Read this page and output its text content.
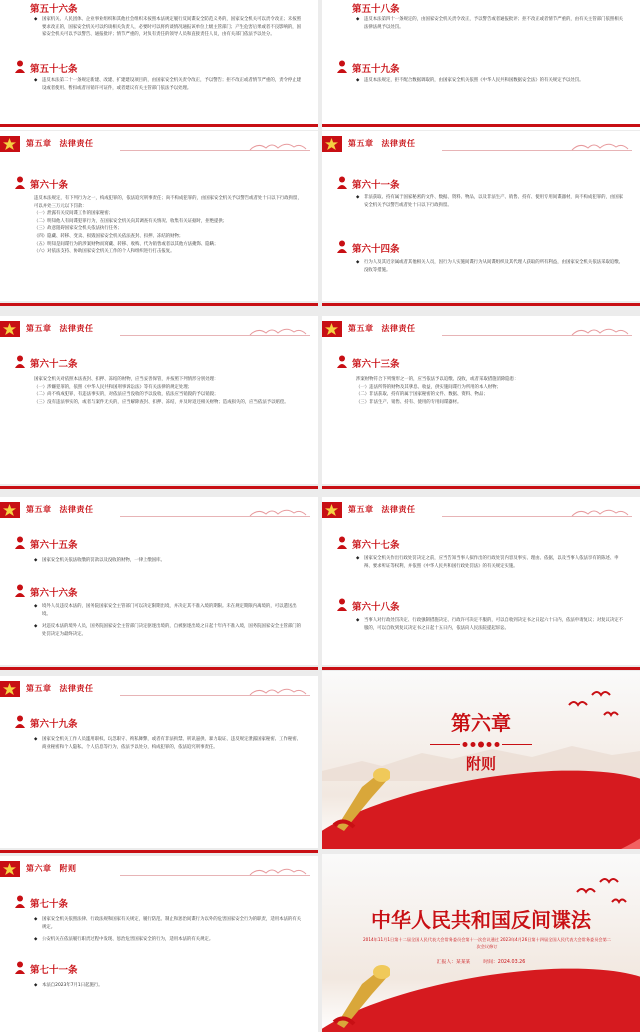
第五十六条

◆ 国家机关、人民团体、企业事业组织和其他社会组织未按照本法规定履行反间谍安全防范义务的，国家安全机关可以责令改正；未按照要求改正的，国家安全机关可以约谈相关负责人，必要时可以将约谈情况通报该单位上级主管部门；产生危害后果或者不良影响的，国家安全机关可以予以警告、通报批评；情节严重的，对负有责任的领导人员和直接责任人员，由有关部门依法予以处分。

第五十七条

◆ 违反本法第二十一条规定新建、改建、扩建建设项目的，由国家安全机关责令改正，予以警告；拒不改正或者情节严重的，责令停止建设或者使用、暂扣或者吊销许可证件，或者建议有关主管部门依法予以处理。

第五十八条

◆ 违反本法第四十一条规定的，由国家安全机关责令改正，予以警告或者通报批评；拒不改正或者情节严重的，由有关主管部门依照相关法律法规予以处罚。

第五十九条

◆ 违反本法规定，拒不配合数据调取的，由国家安全机关依照《中华人民共和国数据安全法》的有关规定予以处罚。

第五章 法律责任
第六十条

违反本法规定，有下列行为之一，构成犯罪的，依法追究刑事责任；尚不构成犯罪的，由国家安全机关予以警告或者处十日以下行政拘留，可以并处三万元以下罚款：

（一）泄露有关反间谍工作的国家秘密；

（二）明知他人有间谍犯罪行为，在国家安全机关向其调查有关情况、收集有关证据时，拒绝提供；

（三）故意阻碍国家安全机关依法执行任务；

（四）隐藏、转移、变卖、损毁国家安全机关依法查封、扣押、冻结的财物；

（五）明知是间谍行为的涉案财物而窝藏、转移、收购、代为销售或者以其他方法掩饰、隐瞒；

（六）对依法支持、协助国家安全机关工作的个人和组织进行打击报复。

第五章 法律责任
第六十一条

◆ 非法获取、持有属于国家秘密的文件、数据、资料、物品，以及非法生产、销售、持有、使用专用间谍器材，尚不构成犯罪的，由国家安全机关予以警告或者处十日以下行政拘留。

第六十四条

◆ 行为人及其近亲属或者其他相关人员，因行为人实施间谍行为从间谍组织及其代理人获取的所有利益，由国家安全机关依法采取追缴、没收等措施。

第五章 法律责任
第六十二条

国家安全机关对依照本法查封、扣押、冻结的财物，应当妥善保管，并按照下列情形分别处理：

（一）涉嫌犯罪的，依照《中华人民共和国刑事诉讼法》等有关法律的规定处理；

（二）尚不构成犯罪，有违法事实的，对依法应当没收的予以没收，依法应当销毁的予以销毁；

（三）没有违法事实的，或者与案件无关的，应当解除查封、扣押、冻结，并及时返还相关财物；造成损失的，应当依法予以赔偿。

第五章 法律责任
第六十三条

涉案财物符合下列情形之一的，应当依法予以追缴、没收，或者采取措施消除隐患：

（一）违法所得的财物及其孳息、收益，供实施间谍行为所用的本人财物；

（二）非法获取、持有的属于国家秘密的文件、数据、资料、物品；

（三）非法生产、销售、持有、使用的专用间谍器材。

第五章 法律责任
第六十五条

◆ 国家安全机关依法收缴的罚款以及没收的财物，一律上缴国库。

第六十六条

◆ 境外人员违反本法的，国务院国家安全主管部门可以决定限期出境，并决定其不准入境的期限。未在规定期限内离境的，可以遣送出境。

◆ 对违反本法的境外人员，国务院国家安全主管部门决定驱逐出境的，自被驱逐出境之日起十年内不准入境，国务院国家安全主管部门的处罚决定为最终决定。

第五章 法律责任
第六十七条

◆ 国家安全机关作出行政处罚决定之前，应当告知当事人拟作出的行政处罚内容及事实、理由、依据，以及当事人依法享有的陈述、申辩、要求听证等权利，并依照《中华人民共和国行政处罚法》的有关规定实施。

第六十八条

◆ 当事人对行政处罚决定、行政强制措施决定、行政许可决定不服的，可以自收到决定书之日起六十日内，依法申请复议；对复议决定不服的，可以自收到复议决定书之日起十五日内，依法向人民法院提起诉讼。

第五章 法律责任
第六十九条

◆ 国家安全机关工作人员滥用职权、玩忽职守、徇私舞弊，或者有非法拘禁、刑讯逼供、暴力取证、违反规定泄露国家秘密、工作秘密、商业秘密和个人隐私、个人信息等行为，依法予以处分，构成犯罪的，依法追究刑事责任。

第六章
附则
第六章 附则
第七十条

◆ 国家安全机关依照法律、行政法规和国家有关规定，履行防范、制止和惩治间谍行为以外的危害国家安全行为的职责，适用本法的有关规定。

◆ 公安机关在依法履行职责过程中发现、惩治危害国家安全的行为，适用本法的有关规定。

第七十一条

◆ 本法自2023年7月1日起施行。

中华人民共和国反间谍法
2014年11月1日第十二届全国人民代表大会常务委员会第十一次会议通过 2023年4月26日第十四届全国人民代表大会常务委员会第二次会议修订
汇报人：某某某	时间：2024.03.26
